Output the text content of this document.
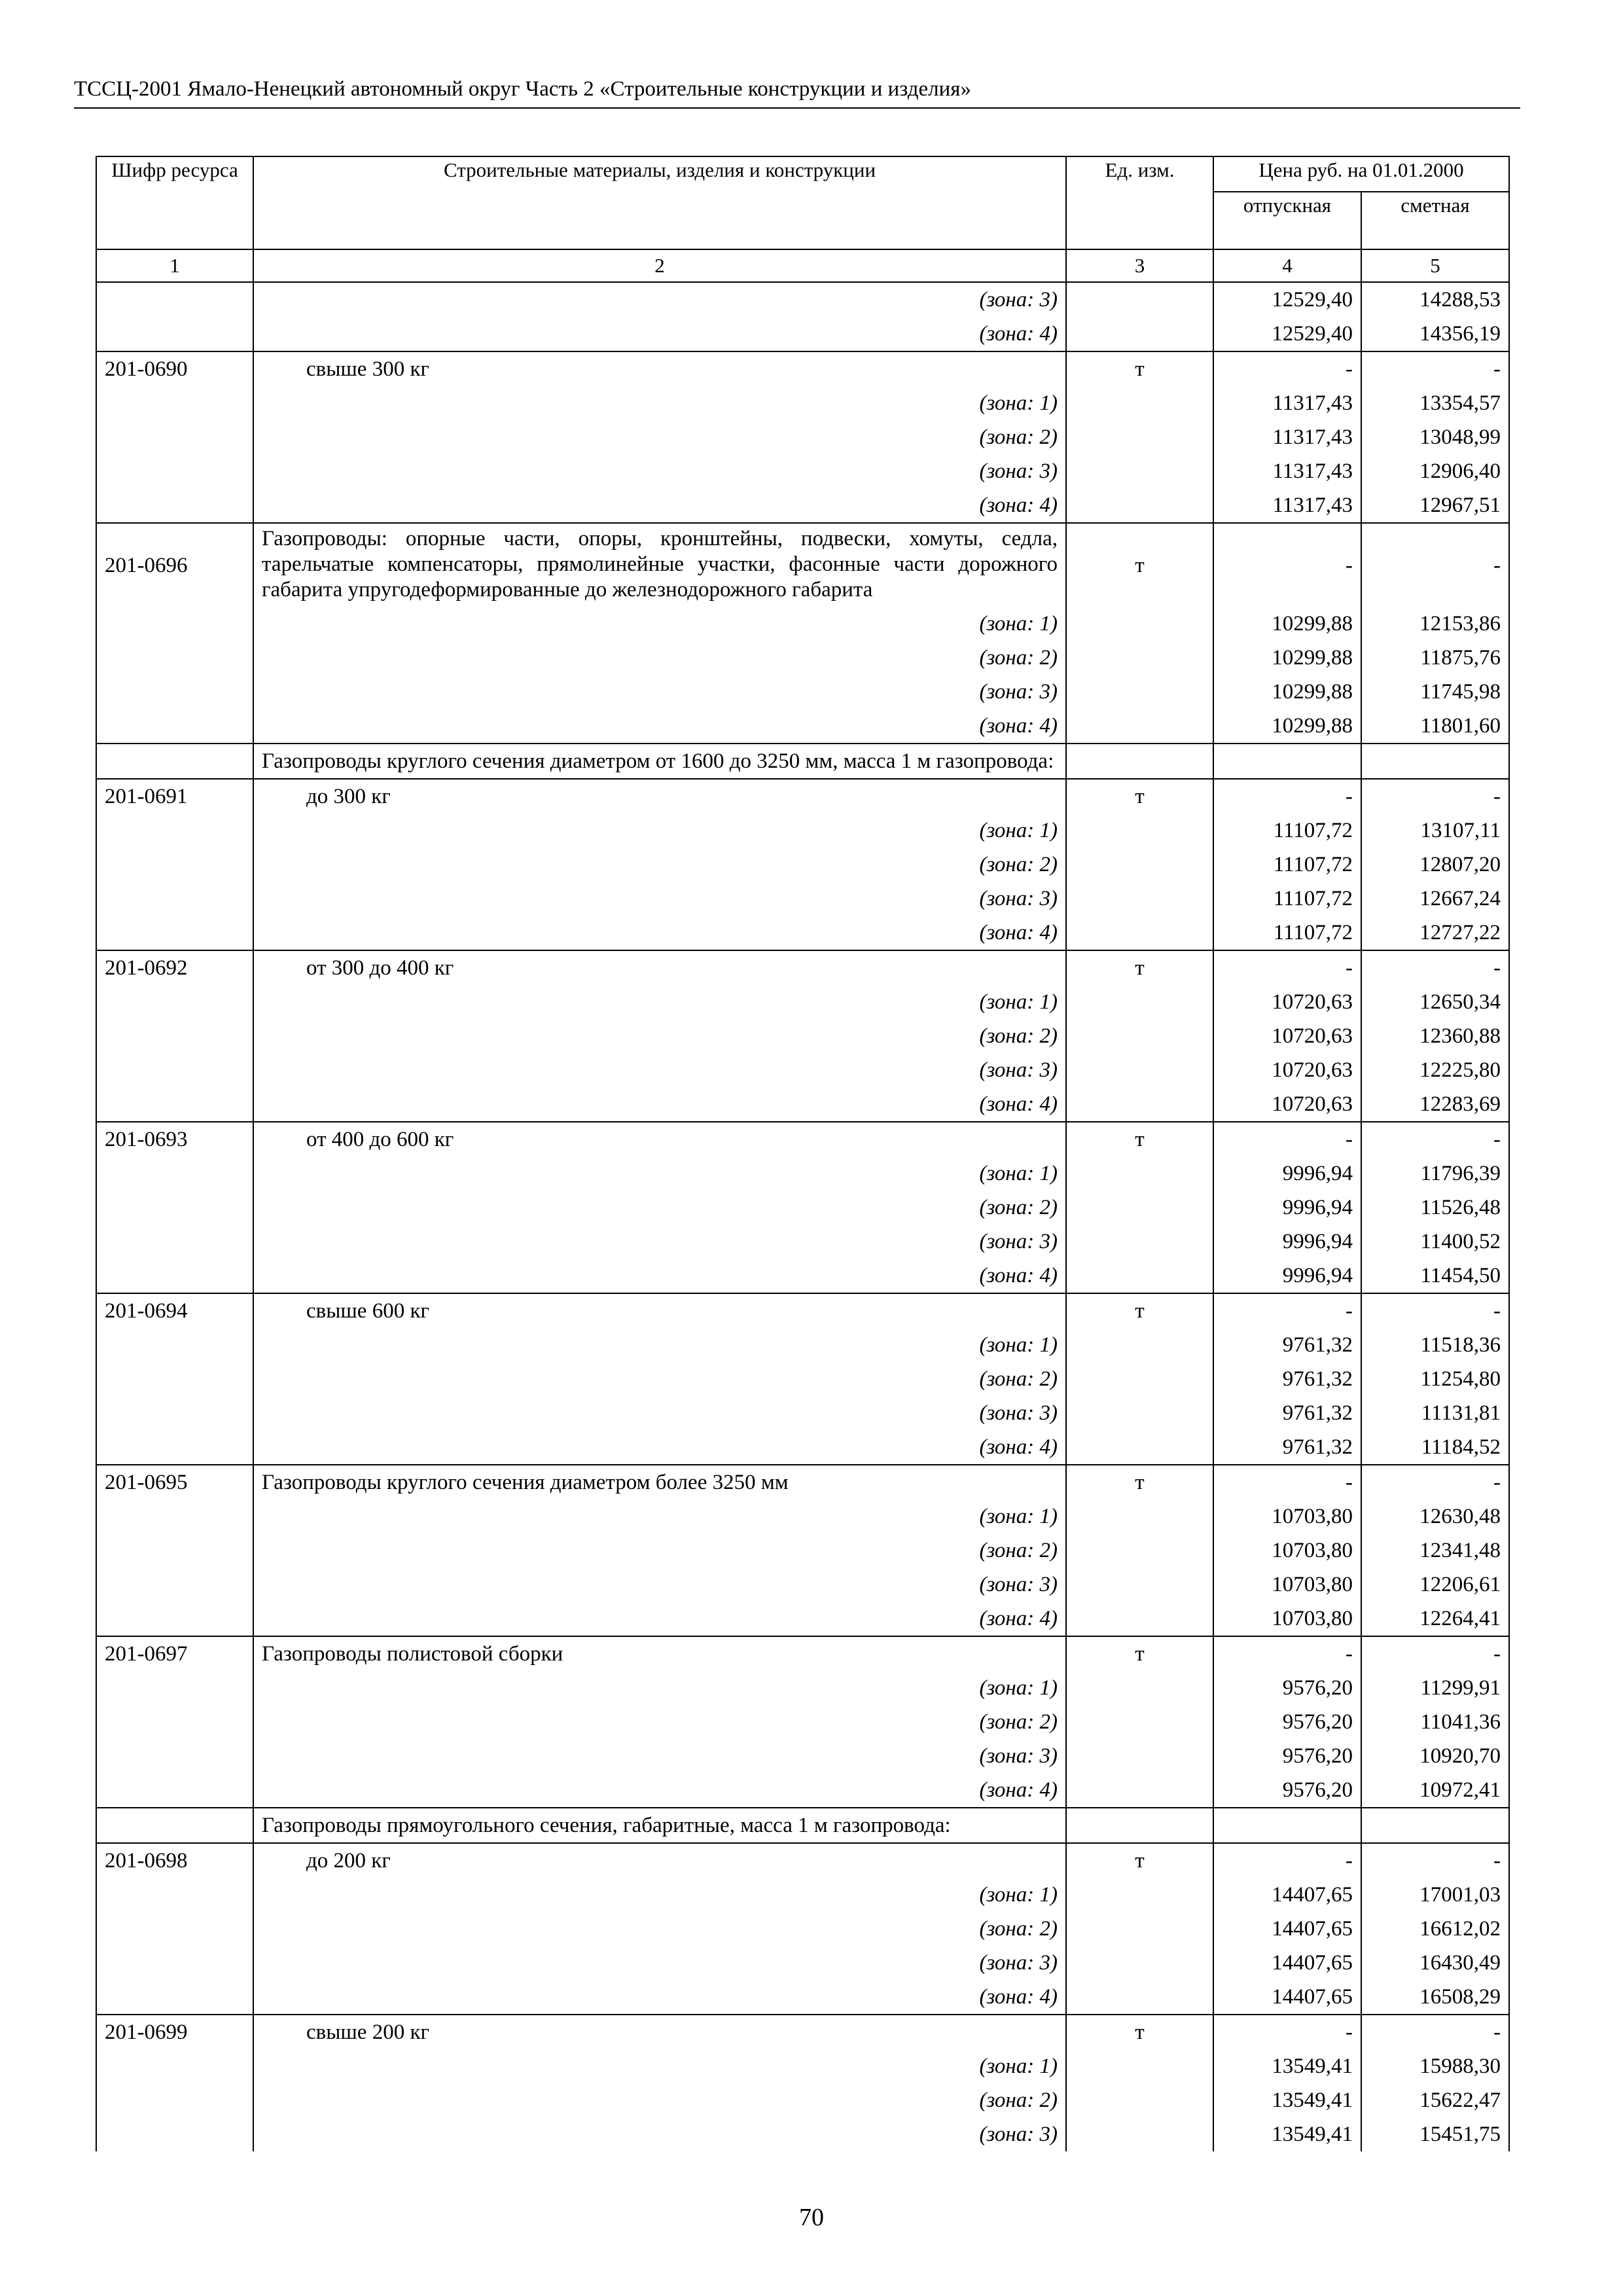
ТССЦ-2001 Ямало-Ненецкий автономный округ Часть 2 «Строительные конструкции и изделия»
Шифр ресурса	Строительные материалы, изделия и конструкции	Ед. изм.	Цена руб. на 01.01.2000	
			отпускная	сметная
1	2	3	4	5
	(зона: 3)		12529,40	14288,53
	(зона: 4)		12529,40	14356,19
201-0690	свыше 300 кг	т	-	-
	(зона: 1)		11317,43	13354,57
	(зона: 2)		11317,43	13048,99
	(зона: 3)		11317,43	12906,40
	(зона: 4)		11317,43	12967,51
201-0696	Газопроводы: опорные части, опоры, кронштейны, подвески, хомуты, седла, тарельчатые компенсаторы, прямолинейные участки, фасонные части дорожного габарита упругодеформированные до железнодорожного габарита	т	-	-
	(зона: 1)		10299,88	12153,86
	(зона: 2)		10299,88	11875,76
	(зона: 3)		10299,88	11745,98
	(зона: 4)		10299,88	11801,60
	Газопроводы круглого сечения диаметром от 1600 до 3250 мм, масса 1 м газопровода:			
201-0691	до 300 кг	т	-	-
	(зона: 1)		11107,72	13107,11
	(зона: 2)		11107,72	12807,20
	(зона: 3)		11107,72	12667,24
	(зона: 4)		11107,72	12727,22
201-0692	от 300 до 400 кг	т	-	-
	(зона: 1)		10720,63	12650,34
	(зона: 2)		10720,63	12360,88
	(зона: 3)		10720,63	12225,80
	(зона: 4)		10720,63	12283,69
201-0693	от 400 до 600 кг	т	-	-
	(зона: 1)		9996,94	11796,39
	(зона: 2)		9996,94	11526,48
	(зона: 3)		9996,94	11400,52
	(зона: 4)		9996,94	11454,50
201-0694	свыше 600 кг	т	-	-
	(зона: 1)		9761,32	11518,36
	(зона: 2)		9761,32	11254,80
	(зона: 3)		9761,32	11131,81
	(зона: 4)		9761,32	11184,52
201-0695	Газопроводы круглого сечения диаметром более 3250 мм	т	-	-
	(зона: 1)		10703,80	12630,48
	(зона: 2)		10703,80	12341,48
	(зона: 3)		10703,80	12206,61
	(зона: 4)		10703,80	12264,41
201-0697	Газопроводы полистовой сборки	т	-	-
	(зона: 1)		9576,20	11299,91
	(зона: 2)		9576,20	11041,36
	(зона: 3)		9576,20	10920,70
	(зона: 4)		9576,20	10972,41
	Газопроводы прямоугольного сечения, габаритные, масса 1 м газопровода:			
201-0698	до 200 кг	т	-	-
	(зона: 1)		14407,65	17001,03
	(зона: 2)		14407,65	16612,02
	(зона: 3)		14407,65	16430,49
	(зона: 4)		14407,65	16508,29
201-0699	свыше 200 кг	т	-	-
	(зона: 1)		13549,41	15988,30
	(зона: 2)		13549,41	15622,47
	(зона: 3)		13549,41	15451,75
70
